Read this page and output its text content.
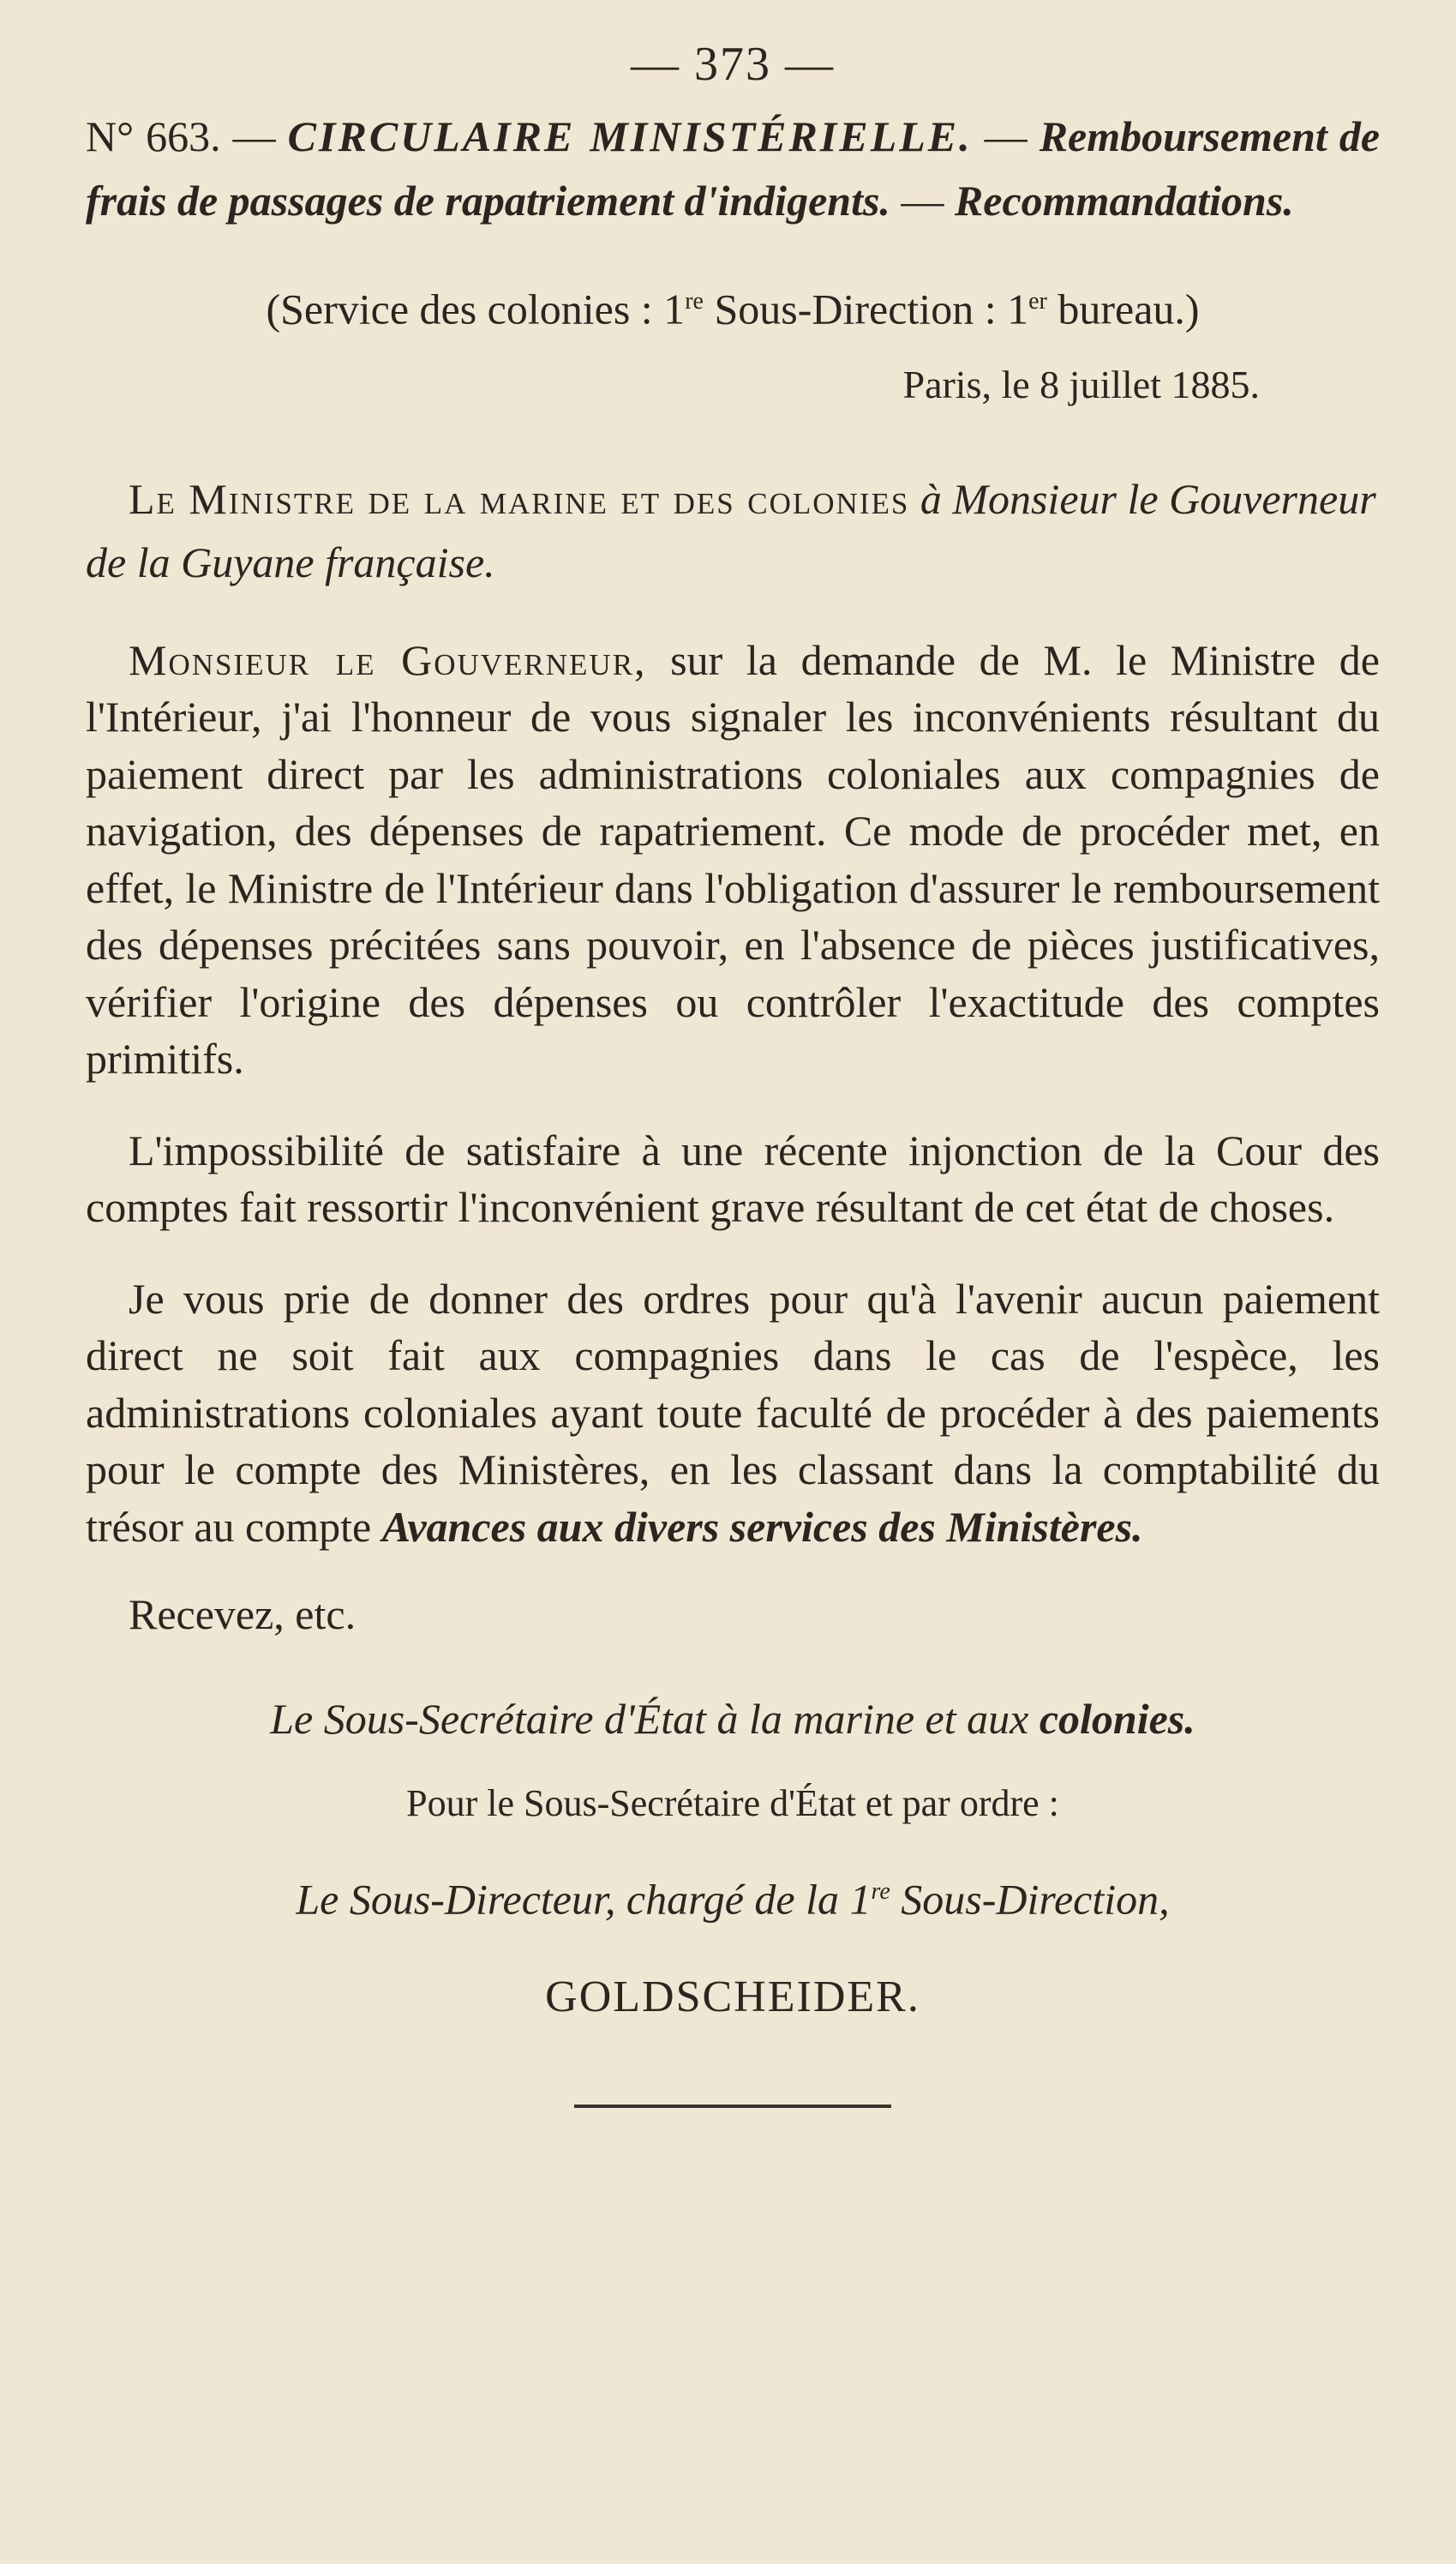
— 373 —

N° 663. — CIRCULAIRE MINISTÉRIELLE. — Remboursement de frais de passages de rapatriement d'indigents. — Recommandations.

(Service des colonies : 1re Sous-Direction : 1er bureau.)
Paris, le 8 juillet 1885.

Le Ministre de la marine et des colonies à Monsieur le Gouverneur de la Guyane française.

Monsieur le Gouverneur, sur la demande de M. le Ministre de l'Intérieur, j'ai l'honneur de vous signaler les inconvénients résultant du paiement direct par les administrations coloniales aux compagnies de navigation, des dépenses de rapatriement. Ce mode de procéder met, en effet, le Ministre de l'Intérieur dans l'obligation d'assurer le remboursement des dépenses précitées sans pouvoir, en l'absence de pièces justificatives, vérifier l'origine des dépenses ou contrôler l'exactitude des comptes primitifs.

L'impossibilité de satisfaire à une récente injonction de la Cour des comptes fait ressortir l'inconvénient grave résultant de cet état de choses.

Je vous prie de donner des ordres pour qu'à l'avenir aucun paiement direct ne soit fait aux compagnies dans le cas de l'espèce, les administrations coloniales ayant toute faculté de procéder à des paiements pour le compte des Ministères, en les classant dans la comptabilité du trésor au compte Avances aux divers services des Ministères.

Recevez, etc.
Le Sous-Secrétaire d'État à la marine et aux colonies.
Pour le Sous-Secrétaire d'État et par ordre :
Le Sous-Directeur, chargé de la 1re Sous-Direction,
GOLDSCHEIDER.
